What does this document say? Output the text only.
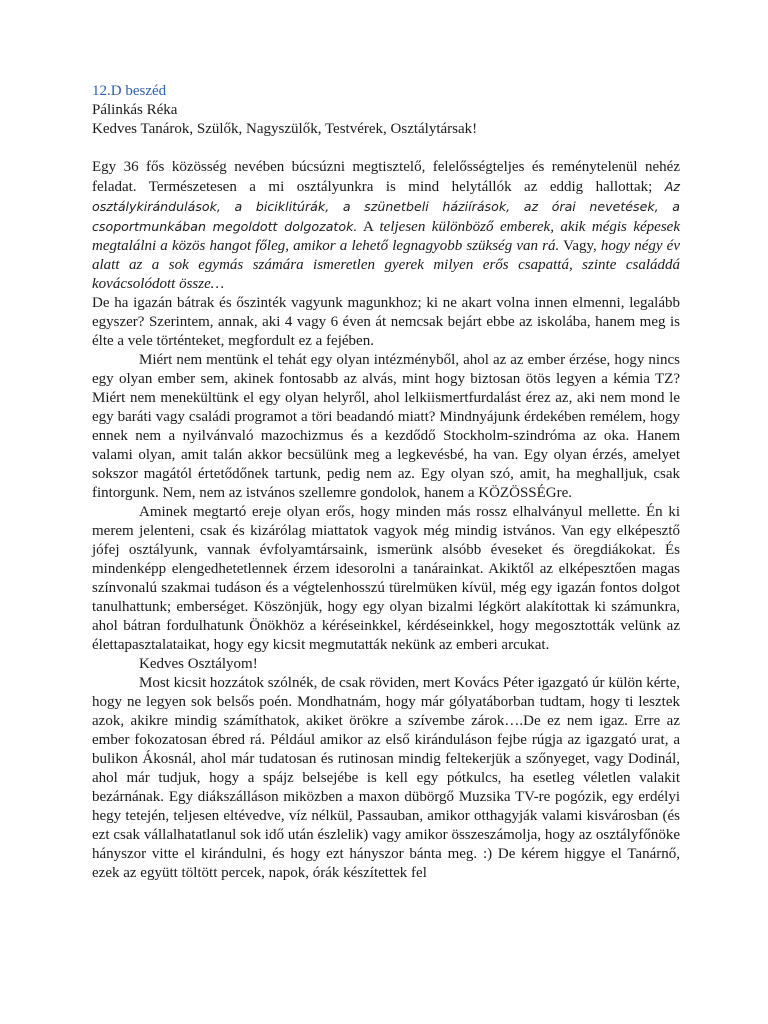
12.D beszéd
Pálinkás Réka
Kedves Tanárok, Szülők, Nagyszülők, Testvérek, Osztálytársak!

Egy 36 fős közösség nevében búcsúzni megtisztelő, felelősségteljes és reménytelenül nehéz feladat. Természetesen a mi osztályunkra is mind helytállók az eddig hallottak; Az osztálykirándulások, a biciklitúrák, a szünetbeli háziírások, az órai nevetések, a csoportmunkában megoldott dolgozatok. A teljesen különböző emberek, akik mégis képesek megtalálni a közös hangot főleg, amikor a lehető legnagyobb szükség van rá. Vagy, hogy négy év alatt az a sok egymás számára ismeretlen gyerek milyen erős csapattá, szinte családdá kovácsolódott össze…

De ha igazán bátrak és őszinték vagyunk magunkhoz; ki ne akart volna innen elmenni, legalább egyszer? Szerintem, annak, aki 4 vagy 6 éven át nemcsak bejárt ebbe az iskolába, hanem meg is élte a vele történteket, megfordult ez a fejében.

Miért nem mentünk el tehát egy olyan intézményből, ahol az az ember érzése, hogy nincs egy olyan ember sem, akinek fontosabb az alvás, mint hogy biztosan ötös legyen a kémia TZ? Miért nem menekültünk el egy olyan helyről, ahol lelkiismertfurdalást érez az, aki nem mond le egy baráti vagy családi programot a töri beadandó miatt? Mindnyájunk érdekében remélem, hogy ennek nem a nyilvánvaló mazochizmus és a kezdődő Stockholm-szindróma az oka. Hanem valami olyan, amit talán akkor becsülünk meg a legkevésbé, ha van. Egy olyan érzés, amelyet sokszor magától értetődőnek tartunk, pedig nem az. Egy olyan szó, amit, ha meghalljuk, csak fintorgunk. Nem, nem az istvános szellemre gondolok, hanem a KÖZÖSSÉGre.

Aminek megtartó ereje olyan erős, hogy minden más rossz elhalványul mellette. Én ki merem jelenteni, csak és kizárólag miattatok vagyok még mindig istvános. Van egy elképesztő jófej osztályunk, vannak évfolyamtársaink, ismerünk alsóbb éveseket és öregdiákokat. És mindenképp elengedhetetlennek érzem idesorolni a tanárainkat. Akiktől az elképesztően magas színvonalú szakmai tudáson és a végtelenhosszú türelmüken kívül, még egy igazán fontos dolgot tanulhattunk; emberséget. Köszönjük, hogy egy olyan bizalmi légkört alakítottak ki számunkra, ahol bátran fordulhatunk Önökhöz a kéréseinkkel, kérdéseinkkel, hogy megosztották velünk az élettapasztalataikat, hogy egy kicsit megmutatták nekünk az emberi arcukat.

Kedves Osztályom!

Most kicsit hozzátok szólnék, de csak röviden, mert Kovács Péter igazgató úr külön kérte, hogy ne legyen sok belsős poén. Mondhatnám, hogy már gólyatáborban tudtam, hogy ti lesztek azok, akikre mindig számíthatok, akiket örökre a szívembe zárok….De ez nem igaz. Erre az ember fokozatosan ébred rá. Például amikor az első kiránduláson fejbe rúgja az igazgató urat, a bulikon Ákosnál, ahol már tudatosan és rutinosan mindig feltekerjük a szőnyeget, vagy Dodinál, ahol már tudjuk, hogy a spájz belsejébe is kell egy pótkulcs, ha esetleg véletlen valakit bezárnának. Egy diákszálláson miközben a maxon dübörgő Muzsika TV-re pogózik, egy erdélyi hegy tetején, teljesen eltévedve, víz nélkül, Passauban, amikor otthagyják valami kisvárosban (és ezt csak vállalhatatlanul sok idő után észlelik) vagy amikor összeszámolja, hogy az osztályfőnöke hányszor vitte el kirándulni, és hogy ezt hányszor bánta meg. :) De kérem higgye el Tanárnő, ezek az együtt töltött percek, napok, órák készítettek fel
